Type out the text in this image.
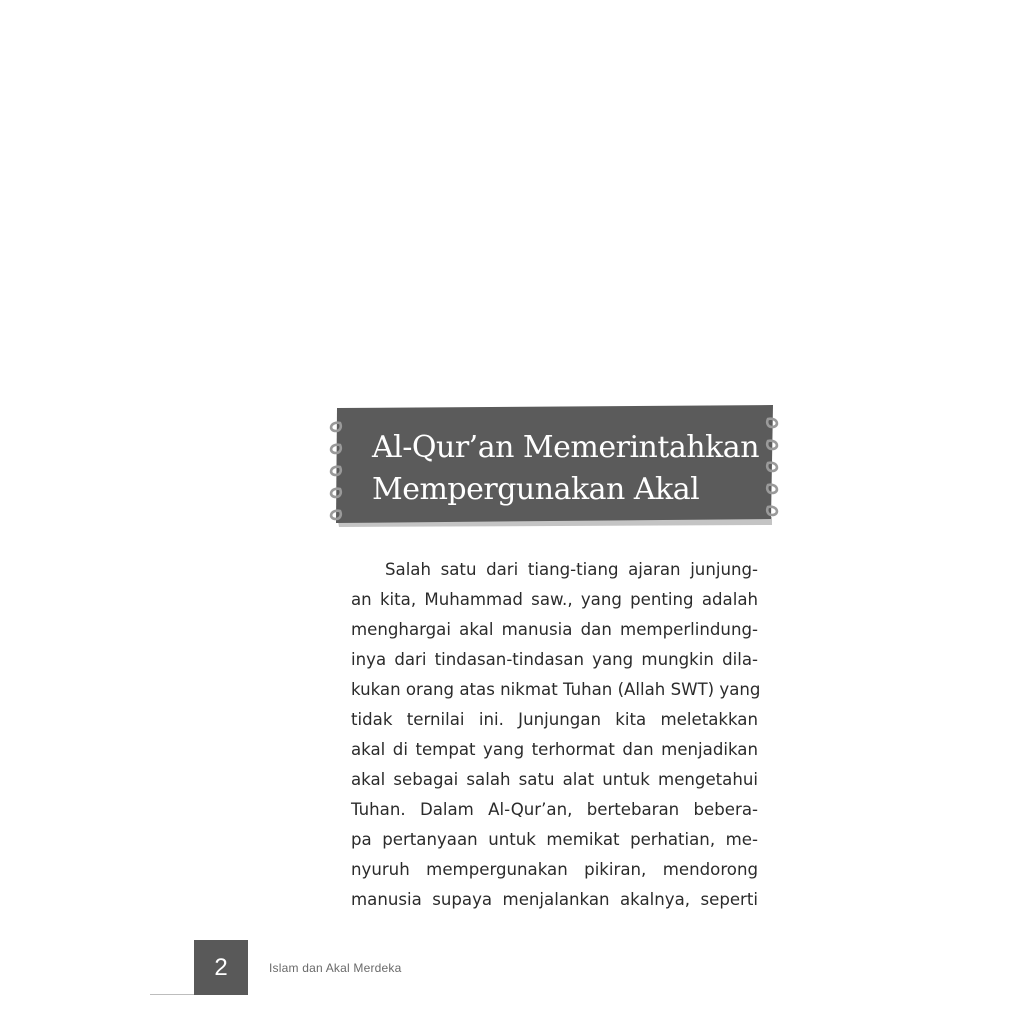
Al-Qur’an Memerintahkan
Mempergunakan Akal
Salah satu dari tiang-tiang ajaran junjung-
an kita, Muhammad saw., yang penting adalah
menghargai akal manusia dan memperlindung-
inya dari tindasan-tindasan yang mungkin dila-
kukan orang atas nikmat Tuhan (Allah SWT) yang
tidak ternilai ini. Junjungan kita meletakkan
akal di tempat yang terhormat dan menjadikan
akal sebagai salah satu alat untuk mengetahui
Tuhan. Dalam Al-Qur’an, bertebaran bebera-
pa pertanyaan untuk memikat perhatian, me-
nyuruh mempergunakan pikiran, mendorong
manusia supaya menjalankan akalnya, seperti
2	Islam dan Akal Merdeka
